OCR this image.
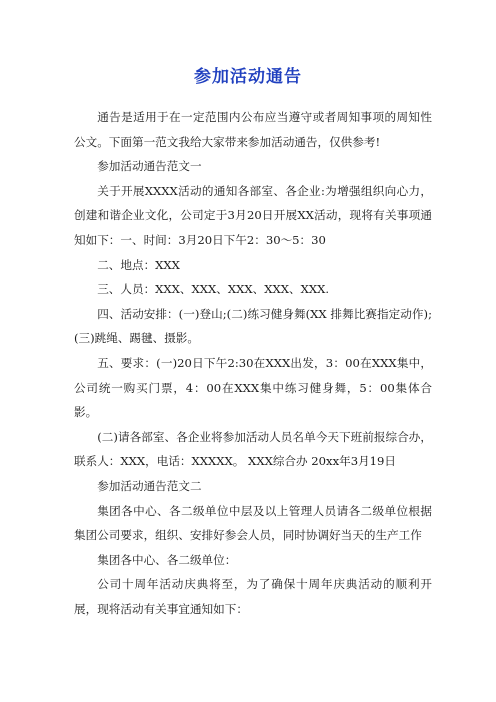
参加活动通告

通告是适用于在一定范围内公布应当遵守或者周知事项的周知性公文。下面第一范文我给大家带来参加活动通告，仅供参考!

参加活动通告范文一

关于开展XXXX活动的通知各部室、各企业:为增强组织向心力，创建和谐企业文化，公司定于3月20日开展XX活动，现将有关事项通知如下：一、时间：3月20日下午2：30～5：30

二、地点：XXX

三、人员：XXX、XXX、XXX、XXX、XXX.

四、活动安排：(一)登山;(二)练习健身舞(XX 排舞比赛指定动作);(三)跳绳、踢毽、摄影。

五、要求：(一)20日下午2:30在XXX出发，3：00在XXX集中，公司统一购买门票，4：00在XXX集中练习健身舞，5：00集体合影。

(二)请各部室、各企业将参加活动人员名单今天下班前报综合办，联系人：XXX，电话：XXXXX。 XXX综合办 20xx年3月19日

参加活动通告范文二

集团各中心、各二级单位中层及以上管理人员请各二级单位根据集团公司要求，组织、安排好参会人员，同时协调好当天的生产工作

集团各中心、各二级单位：

公司十周年活动庆典将至，为了确保十周年庆典活动的顺利开展，现将活动有关事宜通知如下：
